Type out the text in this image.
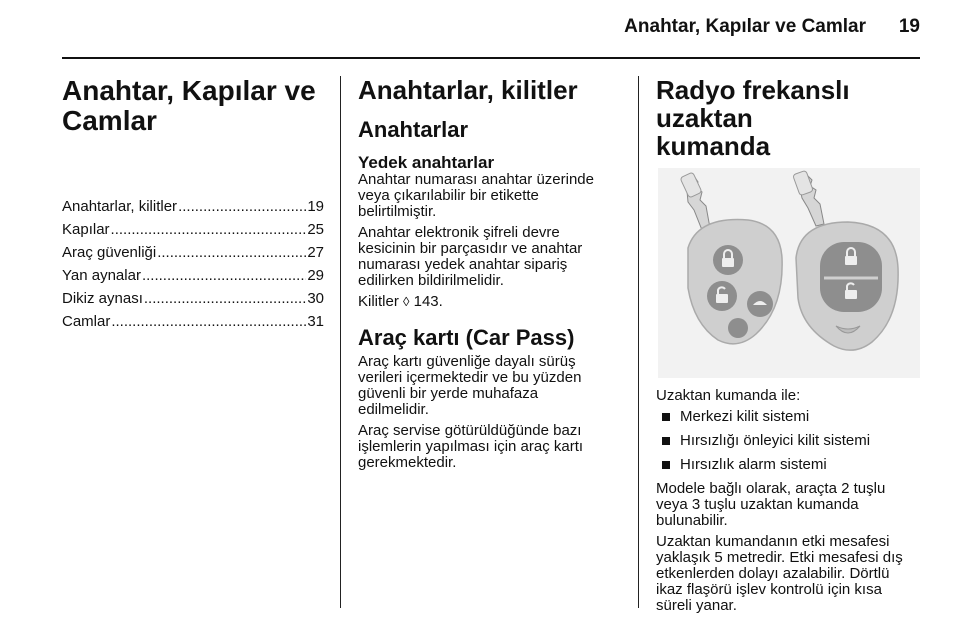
Anahtar, Kapılar ve Camlar	19
Anahtar, Kapılar ve
Camlar
Anahtarlar, kilitler .....	19
Kapılar .....	25
Araç güvenliği .....	27
Yan aynalar .....	29
Dikiz aynası .....	30
Camlar .....	31
Anahtarlar, kilitler
Anahtarlar
Yedek anahtarlar

Anahtar numarası anahtar üzerinde
veya çıkarılabilir bir etikette
belirtilmiştir.

Anahtar elektronik şifreli devre
kesicinin bir parçasıdır ve anahtar
numarası yedek anahtar sipariş
edilirken bildirilmelidir.

Kilitler ◊ 143.

Araç kartı (Car Pass)

Araç kartı güvenliğe dayalı sürüş
verileri içermektedir ve bu yüzden
güvenli bir yerde muhafaza
edilmelidir.

Araç servise götürüldüğünde bazı
işlemlerin yapılması için araç kartı
gerekmektedir.

Radyo frekanslı uzaktan
kumanda

Uzaktan kumanda ile:

Merkezi kilit sistemi
Hırsızlığı önleyici kilit sistemi
Hırsızlık alarm sistemi

Modele bağlı olarak, araçta 2 tuşlu
veya 3 tuşlu uzaktan kumanda
bulunabilir.

Uzaktan kumandanın etki mesafesi
yaklaşık 5 metredir. Etki mesafesi dış
etkenlerden dolayı azalabilir. Dörtlü
ikaz flaşörü işlev kontrolü için kısa
süreli yanar.
